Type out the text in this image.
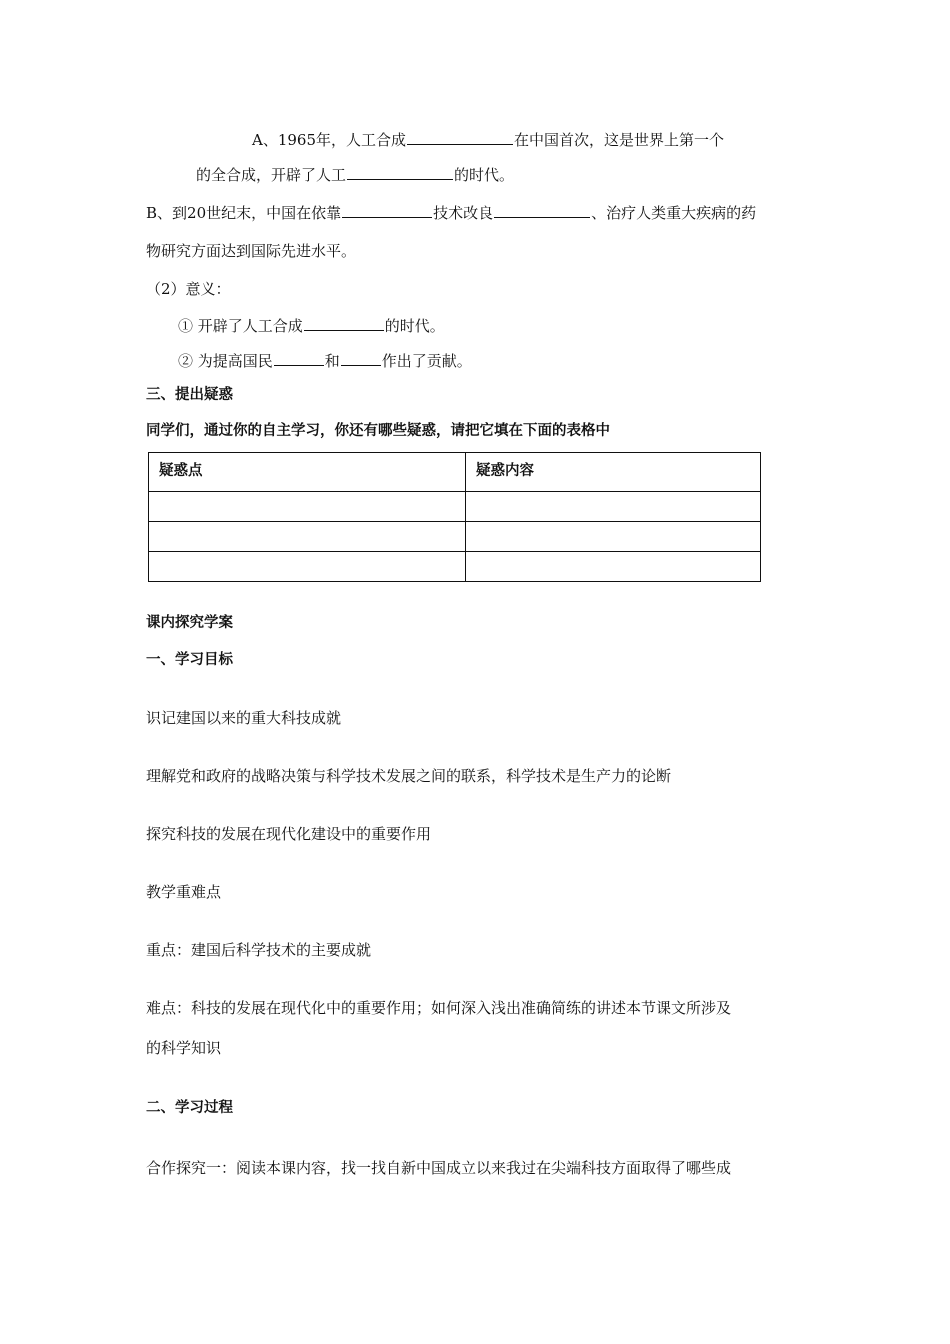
A、1965年，人工合成	在中国首次，这是世界上第一个
的全合成，开辟了人工	的时代。
B、到20世纪末，中国在依靠	技术改良	、治疗人类重大疾病的药
物研究方面达到国际先进水平。
（2）意义：
① 开辟了人工合成	的时代。
② 为提高国民	和	作出了贡献。
三、提出疑惑
同学们，通过你的自主学习，你还有哪些疑惑，请把它填在下面的表格中
疑惑点	疑惑内容

课内探究学案
一、学习目标
识记建国以来的重大科技成就
理解党和政府的战略决策与科学技术发展之间的联系，科学技术是生产力的论断
探究科技的发展在现代化建设中的重要作用
教学重难点
重点：建国后科学技术的主要成就
难点：科技的发展在现代化中的重要作用；如何深入浅出准确简练的讲述本节课文所涉及
的科学知识
二、学习过程
合作探究一：阅读本课内容，找一找自新中国成立以来我过在尖端科技方面取得了哪些成
